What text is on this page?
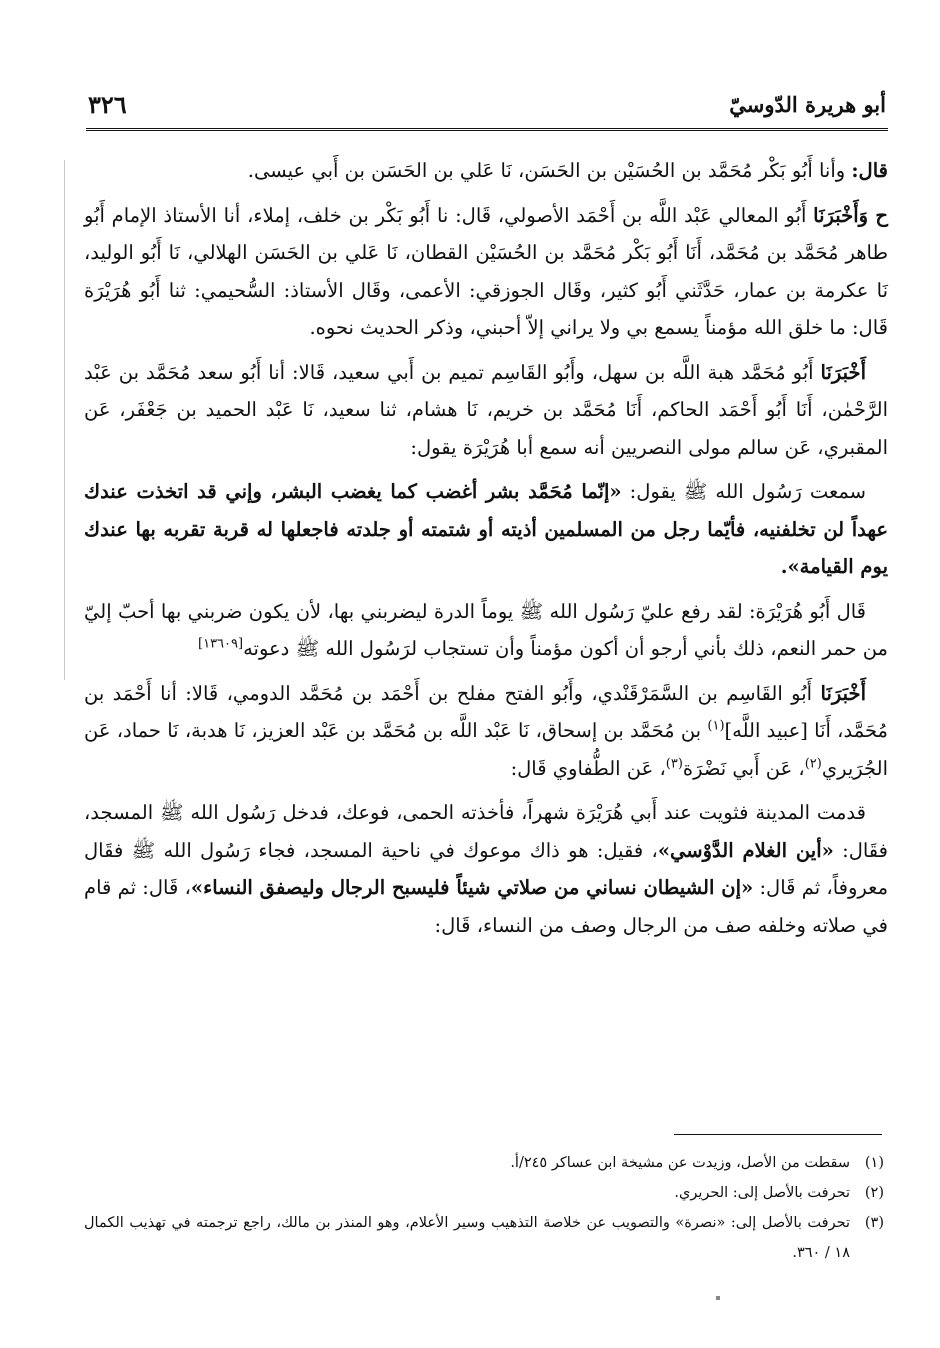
أبو هريرة الدّوسيّ
٣٢٦

قال: وأنا أَبُو بَكْر مُحَمَّد بن الحُسَيْن بن الحَسَن، نَا عَلي بن الحَسَن بن أَبي عيسى.

ح وَأَخْبَرَنَا أَبُو المعالي عَبْد اللَّه بن أَحْمَد الأصولي، قَال: نا أَبُو بَكْر بن خلف، إملاء، أنا الأستاذ الإمام أَبُو طاهر مُحَمَّد بن مُحَمَّد، أَنَا أَبُو بَكْر مُحَمَّد بن الحُسَيْن القطان، نَا عَلي بن الحَسَن الهلالي، نَا أَبُو الوليد، نَا عكرمة بن عمار، حَدَّثَني أَبُو كثير، وقَال الجوزقي: الأعمى، وقَال الأستاذ: السُّحيمي: ثنا أَبُو هُرَيْرَة قَال: ما خلق الله مؤمناً يسمع بي ولا يراني إلاّ أحبني، وذكر الحديث نحوه.

أَخْبَرَنَا أَبُو مُحَمَّد هبة اللَّه بن سهل، وأَبُو القَاسِم تميم بن أَبي سعيد، قَالا: أنا أَبُو سعد مُحَمَّد بن عَبْد الرَّحْمٰن، أَنَا أَبُو أَحْمَد الحاكم، أَنَا مُحَمَّد بن خريم، نَا هشام، ثنا سعيد، نَا عَبْد الحميد بن جَعْفَر، عَن المقبري، عَن سالم مولى النصريين أنه سمع أبا هُرَيْرَة يقول:

سمعت رَسُول الله ﷺ يقول: «إنّما مُحَمَّد بشر أغضب كما يغضب البشر، وإني قد اتخذت عندك عهداً لن تخلفنيه، فأيّما رجل من المسلمين أذيته أو شتمته أو جلدته فاجعلها له قربة تقربه بها عندك يوم القيامة».

قَال أَبُو هُرَيْرَة: لقد رفع عليّ رَسُول الله ﷺ يوماً الدرة ليضربني بها، لأن يكون ضربني بها أحبّ إليّ من حمر النعم، ذلك بأني أرجو أن أكون مؤمناً وأن تستجاب لرَسُول الله ﷺ دعوته[١٣٦٠٩]

أَخْبَرَنَا أَبُو القَاسِم بن السَّمَرْقَنْدي، وأَبُو الفتح مفلح بن أَحْمَد بن مُحَمَّد الدومي، قَالا: أنا أَحْمَد بن مُحَمَّد، أَنَا [عبيد اللَّه]$^{(١)}$ بن مُحَمَّد بن إسحاق، نَا عَبْد اللَّه بن مُحَمَّد بن عَبْد العزيز، نَا هدبة، نَا حماد، عَن الجُرَيري$^{(٢)}$، عَن أَبي نَضْرَة$^{(٣)}$، عَن الطُّفاوي قَال:

قدمت المدينة فثويت عند أَبي هُرَيْرَة شهراً، فأخذته الحمى، فوعك، فدخل رَسُول الله ﷺ المسجد، فقَال: «أين الغلام الدَّوْسي»، فقيل: هو ذاك موعوك في ناحية المسجد، فجاء رَسُول الله ﷺ فقَال معروفاً، ثم قَال: «إن الشيطان نساني من صلاتي شيئاً فليسبح الرجال وليصفق النساء»، قَال: ثم قام في صلاته وخلفه صف من الرجال وصف من النساء، قَال:

(١)
سقطت من الأصل، وزيدت عن مشيخة ابن عساكر ٢٤٥/أ.
(٢)
تحرفت بالأصل إلى: الحريري.
(٣)
تحرفت بالأصل إلى: «نصرة» والتصويب عن خلاصة التذهيب وسير الأعلام، وهو المنذر بن مالك، راجع ترجمته في تهذيب الكمال ١٨ / ٣٦٠.
